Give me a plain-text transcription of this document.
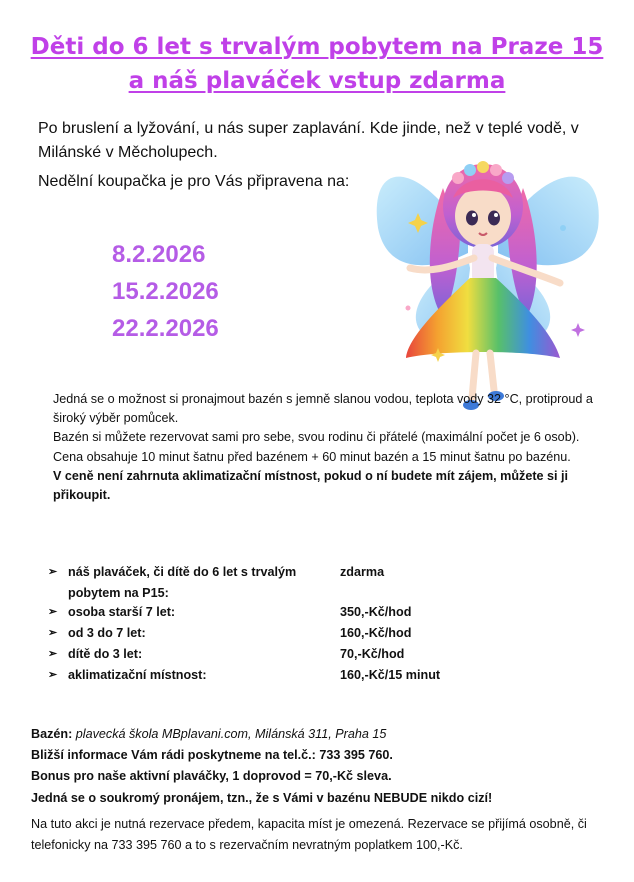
Děti do 6 let s trvalým pobytem na Praze 15
a náš plaváček vstup zdarma
Po bruslení a lyžování, u nás super zaplavání. Kde jinde, než v teplé vodě, v Milánské v Měcholupech.
Nedělní koupačka je pro Vás připravena na:
8.2.2026
15.2.2026
22.2.2026

Jedná se o možnost si pronajmout bazén s jemně slanou vodou, teplota vody 32 °C, protiproud a široký výběr pomůcek.

Bazén si můžete rezervovat sami pro sebe, svou rodinu či přátelé (maximální počet je 6 osob). Cena obsahuje 10 minut šatnu před bazénem + 60 minut bazén a 15 minut šatnu po bazénu.

V ceně není zahrnuta aklimatizační místnost, pokud o ní budete mít zájem, můžete si ji přikoupit.

➢ náš plaváček, či dítě do 6 let s trvalým pobytem na P15:
zdarma
➢ osoba starší 7 let:	350,-Kč/hod
➢ od 3 do 7 let:	160,-Kč/hod
➢ dítě do 3 let:	70,-Kč/hod
➢ aklimatizační místnost:	160,-Kč/15 minut

Bazén: plavecká škola MBplavani.com, Milánská 311, Praha 15

Bližší informace Vám rádi poskytneme na tel.č.: 733 395 760.

Bonus pro naše aktivní plaváčky, 1 doprovod = 70,-Kč sleva.

Jedná se o soukromý pronájem, tzn., že s Vámi v bazénu NEBUDE nikdo cizí!

Na tuto akci je nutná rezervace předem, kapacita míst je omezená. Rezervace se přijímá osobně, či telefonicky na 733 395 760 a to s rezervačním nevratným poplatkem 100,-Kč.
